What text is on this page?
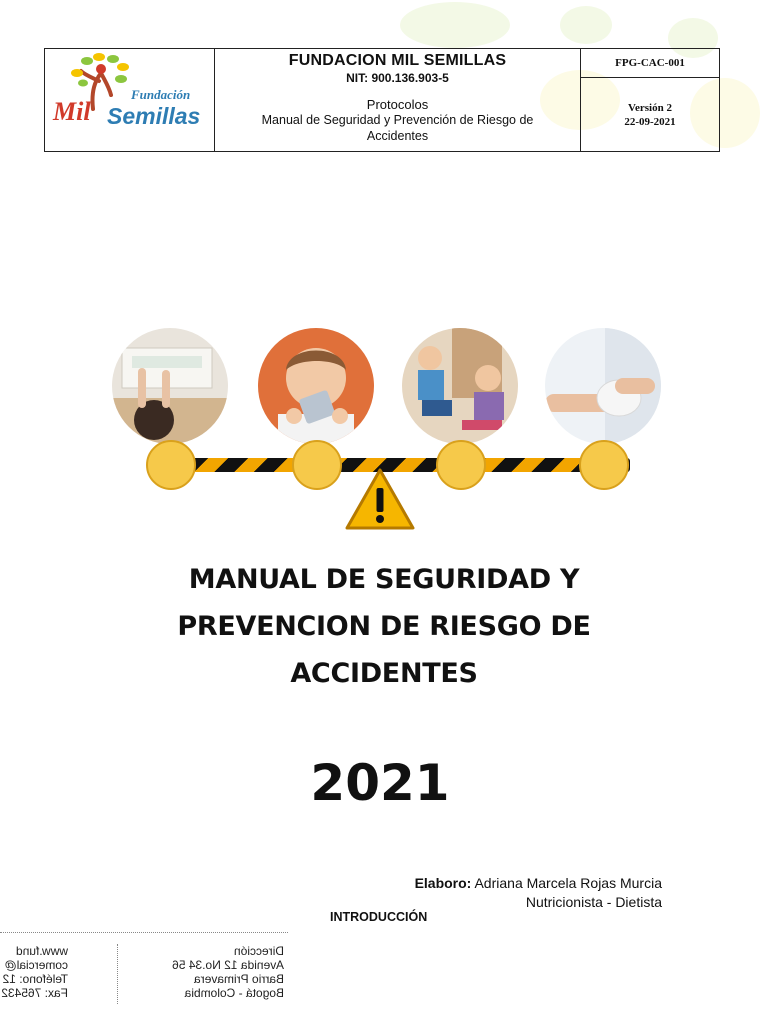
Mil
Fundación
Semillas
FUNDACION MIL SEMILLAS
NIT: 900.136.903-5
Protocolos
Manual de Seguridad y Prevención de Riesgo de Accidentes
FPG-CAC-001
Versión 2
22-09-2021
MANUAL DE SEGURIDAD Y
PREVENCION DE RIESGO DE
ACCIDENTES
2021
Elaboro: Adriana Marcela Rojas Murcia
Nutricionista - Dietista
INTRODUCCIÓN
Dirección
Avenida 12 No.34 56
Barrio Primavera
Bogotá - Colombia
www.fund
comercial@
Teléfono: 12
Fax: 765432
